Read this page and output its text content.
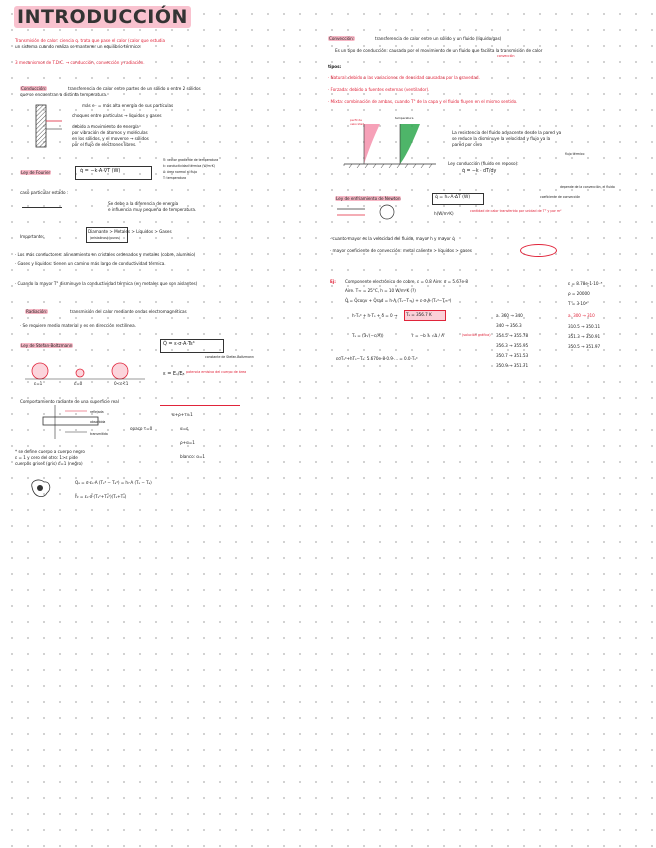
INTRODUCCIÓN
Transmisión de calor: ciencia q. trata que pase el calor (calor que estudia
un sistema cuando realiza se mantener un equilibrio térmico.
3 mecanismos de T.D.C. → conducción, convección y radiación.
Conducción:	transferencia de calor entre partes de un sólido o entre 2 sólidos
que se encuentran a distinta temperatura.
más e⁻ = más alta energía de sus partículas
choques entre partículas → líquidos y gases
debido a movimiento de energía
por vibración de átomos y moléculas
en los sólidos, y el moverse → sólidos
por el flujo de electrones libres.
Ley de Fourier	q̇ = −k·A·∇T (W)
∇: vector gradiente de temperatura
k: conductividad térmica (W/m·K)
A: área normal al flujo
T: temperatura
caso particular estado :
Se debe a la diferencia de energía
e influencia muy pequeña de temperatura.
Importante:
Diamante > Metales > Líquidos > Gases
(cristalinos) (puros)
· Los más conductores: alineamiento en cristales ordenados y metales (cobre, aluminio)
· Gases y líquidos: tienen un camino más largo de conductividad térmica.
· Cuando la mayor T° disminuye la conductividad térmica (en metales que son aislantes)
Radiación:	transmisión del calor mediante ondas electromagnéticas
· Se requiere medio material y es en dirección rectilínea.
Ley de Stefan-Boltzmann	Q̇ = ε·σ·A·Ts⁴
constante de Stefan-Boltzmann
ε=1	ε=0	0<ε<1
ε = Eₛ/Eᵦ potencia emisiva del cuerpo de área
Comportamiento radiante de una superficie real
reflejada
absorbida
transmitida
α+ρ+τ=1
opaco τ=0	α=ε
ρ+α=1
blanco: α=1
* se define cuerpo a cuerpo negro
ε = 1 y cero del otro: 1>ε pide
cuerpos grises (gris) ε=1 (negro)
Qₐ = σ·εₛ·A (Tₛ⁴ − Tₐ⁴) = hᵣ·A (Tₛ − Tₐ)
hᵣ = εₛ·σ·(Tₛ²+Tₐ²)(Tₛ+Tₐ)
Convección:	transferencia de calor entre un sólido y un fluido (líquido/gas)
Es un tipo de conducción: causada por el movimiento de un fluido que facilita la transmisión de calor
convección
tipos:
· Natural: debido a las variaciones de densidad causadas por la gravedad.
· Forzada: debido a fuentes externas (ventilador).
· Mixta: combinación de ambas, cuando T° de la capa y el fluido fluyen en el mismo sentido.
perfil de
velocidad
temperatura
La resistencia del fluido adyacente desde la pared ya
se reduce la disminuye la velocidad y flujo ya la
pared por cero
flujo térmico
Ley conducción (fluido en reposo):
q̇ = −k · dT/dy
Ley de enfriamiento de Newton	q̇ = hₛ·A·ΔT (W)
depende de la convección, el fluido
coeficiente de convección
h(W/m²K)	cantidad de calor transferido por unidad de T° y por m²
· cuanto mayor es la velocidad del fluido, mayor h y mayor q̇
· mayor coeficiente de convección: metal caliente > líquidos > gases
Ej: Componente electrónico de cobre, ε = 0.8 Aire: σ = 5.67e-8
Aire. T∞ = 25°C, h = 10 W/m²K (?)
Q̇ = Q̇conv + Q̇rad = h·A (Tₛ−T∞) + ε·σ·A·(Tₛ⁴−T∞⁴)
h·Tₛ⁴ + h·Tₛ + δ = 0 → Tₛ = 356.7 K
Tₛ = (3√(−c/A))	r = −b ± √Δ / A	(solución gráfica)
εσTₛ⁴+hTₛ−Tₐ: 5.670e-8·0.9·... = 0.0·Tₛ⁴
ε = 8.78e-1·10⁻⁸
ρ = 20000
T = 3·10⁴
a. 300 → 310
310.5 → 350.11
351.3 → 350.91
350.5 → 351.97
a. 360 → 340
340 → 356.3
354.5 → 355.78
356.3 → 355.95
350.7 → 351.53
350.9 → 351.71
